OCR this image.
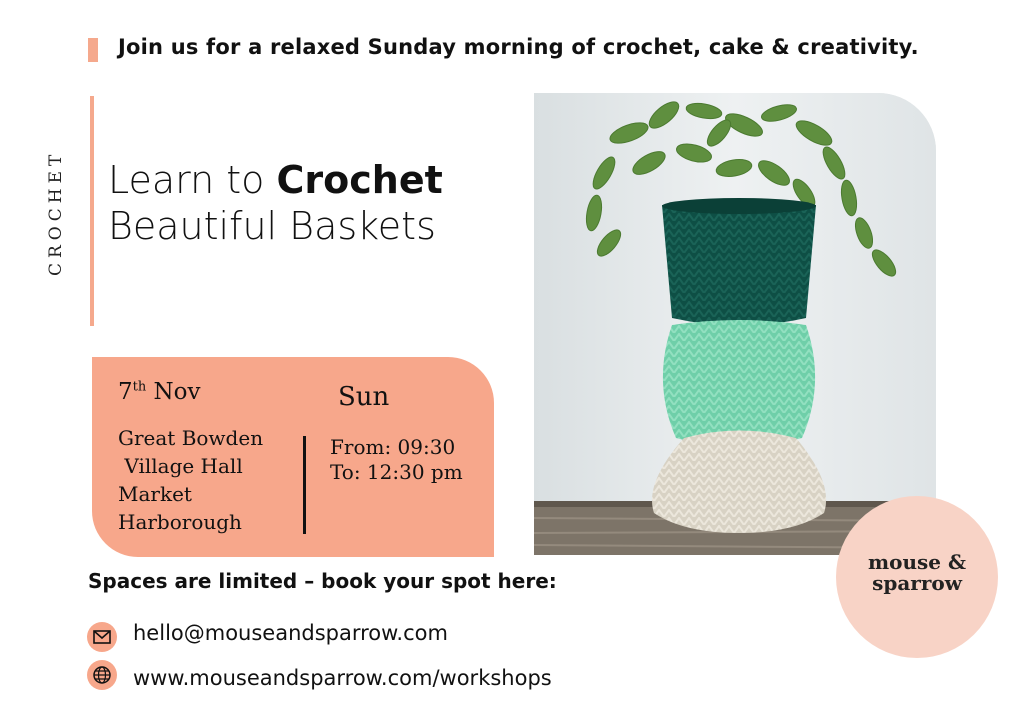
Join us for a relaxed Sunday morning of crochet, cake & creativity.
CROCHET Learn to Crochet
Beautiful Baskets
7th Nov	Sun
Great Bowden
Village Hall
Market
Harborough
From: 09:30
To: 12:30 pm
mouse &
sparrow
Spaces are limited – book your spot here:
hello@mouseandsparrow.com
www.mouseandsparrow.com/workshops
